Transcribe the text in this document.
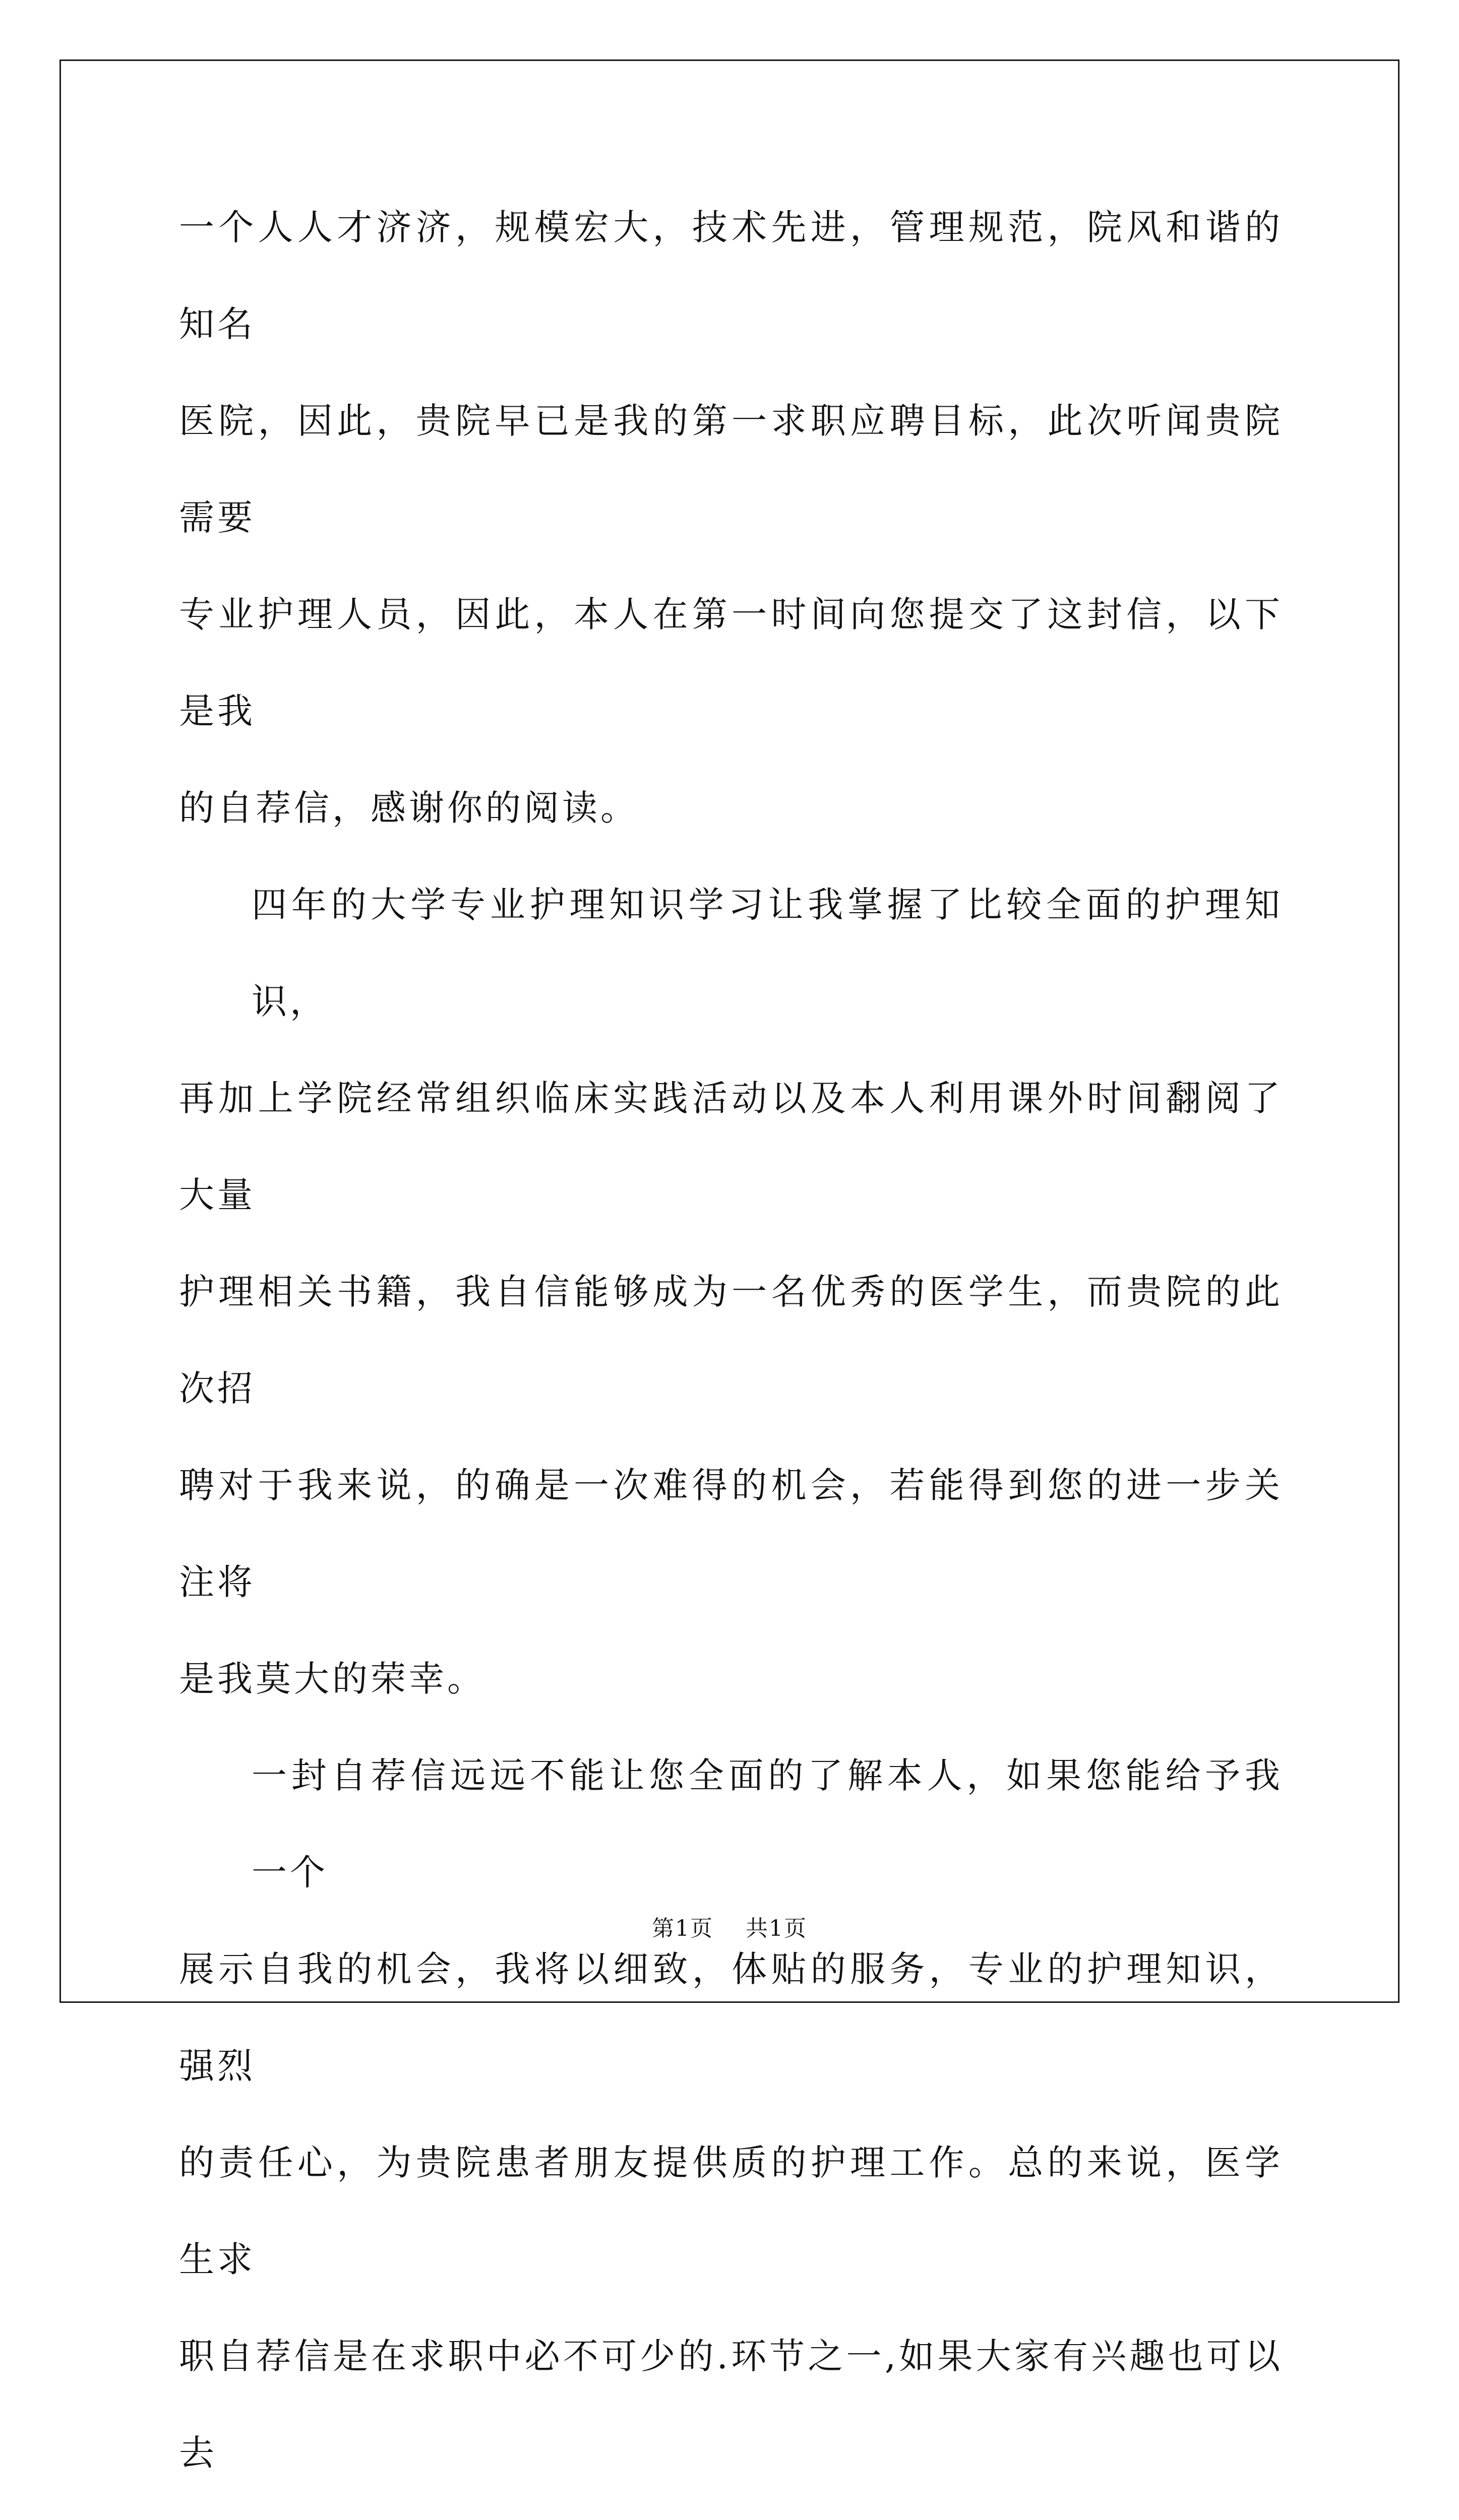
一个人人才济济，规模宏大，技术先进，管理规范，院风和谐的知名
医院，因此，贵院早已是我的第一求职应聘目标，此次听闻贵院需要
专业护理人员，因此，本人在第一时间向您提交了这封信，以下是我
的自荐信，感谢你的阅读。

四年的大学专业护理知识学习让我掌握了比较全面的护理知识，
再加上学院经常组织临床实践活动以及本人利用课外时间翻阅了大量
护理相关书籍，我自信能够成为一名优秀的医学生，而贵院的此次招
聘对于我来说，的确是一次难得的机会，若能得到您的进一步关注将
是我莫大的荣幸。

一封自荐信远远不能让您全面的了解本人，如果您能给予我一个
展示自我的机会，我将以细致，体贴的服务，专业的护理知识，强烈
的责任心，为贵院患者朋友提供质的护理工作。总的来说，医学生求
职自荐信是在求职中必不可少的.环节之一,如果大家有兴趣也可以去

第1页 共1页
